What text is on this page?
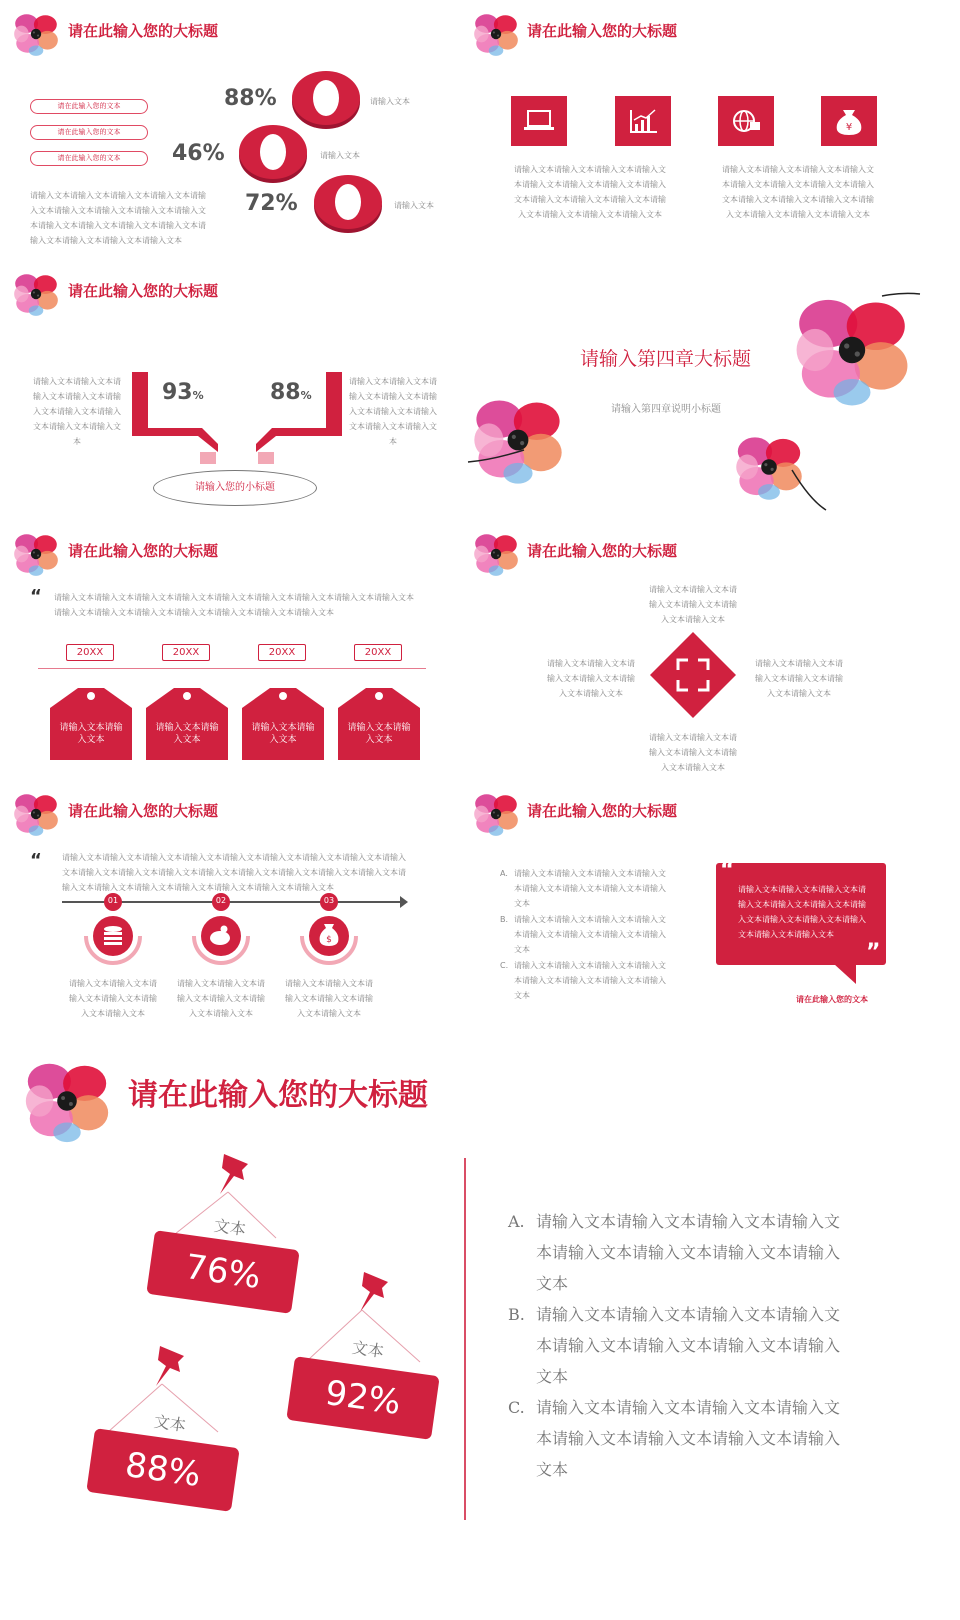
请在此输入您的大标题
请在此输入您的文本
请在此输入您的文本
请在此输入您的文本
请输入文本请输入文本请输入文本请输入文本请输入文本请输入文本请输入文本请输入文本请输入文本请输入文本请输入文本请输入文本请输入文本请输入文本请输入文本请输入文本请输入文本
88%
46%
72%
请输入文本
请输入文本
请输入文本
请在此输入您的大标题
¥
请输入文本请输入文本请输入文本请输入文本请输入文本请输入文本请输入文本请输入文本请输入文本请输入文本请输入文本请输入文本请输入文本请输入文本请输入文本
请输入文本请输入文本请输入文本请输入文本请输入文本请输入文本请输入文本请输入文本请输入文本请输入文本请输入文本请输入文本请输入文本请输入文本请输入文本
请在此输入您的大标题
请输入文本请输入文本请输入文本请输入文本请输入文本请输入文本请输入文本请输入文本请输入文本
请输入文本请输入文本请输入文本请输入文本请输入文本请输入文本请输入文本请输入文本请输入文本
93%	88%
请输入您的小标题
请输入第四章大标题
请输入第四章说明小标题
请在此输入您的大标题
“ 请输入文本请输入文本请输入文本请输入文本请输入文本请输入文本请输入文本请输入文本请输入文本请输入文本请输入文本请输入文本请输入文本请输入文本请输入文本请输入文本
20XX	20XX	20XX	20XX
请输入文本请输入文本
请输入文本请输入文本
请输入文本请输入文本
请输入文本请输入文本
请在此输入您的大标题
请输入文本请输入文本请输入文本请输入文本请输入文本请输入文本
请输入文本请输入文本请输入文本请输入文本请输入文本请输入文本
请输入文本请输入文本请输入文本请输入文本请输入文本请输入文本
请输入文本请输入文本请输入文本请输入文本请输入文本请输入文本
请在此输入您的大标题
“	请输入文本请输入文本请输入文本请输入文本请输入文本请输入文本请输入文本请输入文本请输入文本请输入文本请输入文本请输入文本请输入文本请输入文本请输入文本请输入文本请输入文本请输入文本请输入文本请输入文本请输入文本请输入文本请输入文本请输入文本
$
01	02	03
请输入文本请输入文本请输入文本请输入文本请输入文本请输入文本
请输入文本请输入文本请输入文本请输入文本请输入文本请输入文本
请输入文本请输入文本请输入文本请输入文本请输入文本请输入文本
请在此输入您的大标题
A. 请输入文本请输入文本请输入文本请输入文本请输入文本请输入文本请输入文本请输入文本
B. 请输入文本请输入文本请输入文本请输入文本请输入文本请输入文本请输入文本请输入文本
C. 请输入文本请输入文本请输入文本请输入文本请输入文本请输入文本请输入文本请输入文本
“
”
请输入文本请输入文本请输入文本请输入文本请输入文本请输入文本请输入文本请输入文本请输入文本请输入文本请输入文本请输入文本
请在此输入您的文本
请在此输入您的大标题
文本
76%
文本
92%
文本
88%
A. 请输入文本请输入文本请输入文本请输入文本请输入文本请输入文本请输入文本请输入文本
B. 请输入文本请输入文本请输入文本请输入文本请输入文本请输入文本请输入文本请输入文本
C. 请输入文本请输入文本请输入文本请输入文本请输入文本请输入文本请输入文本请输入文本
